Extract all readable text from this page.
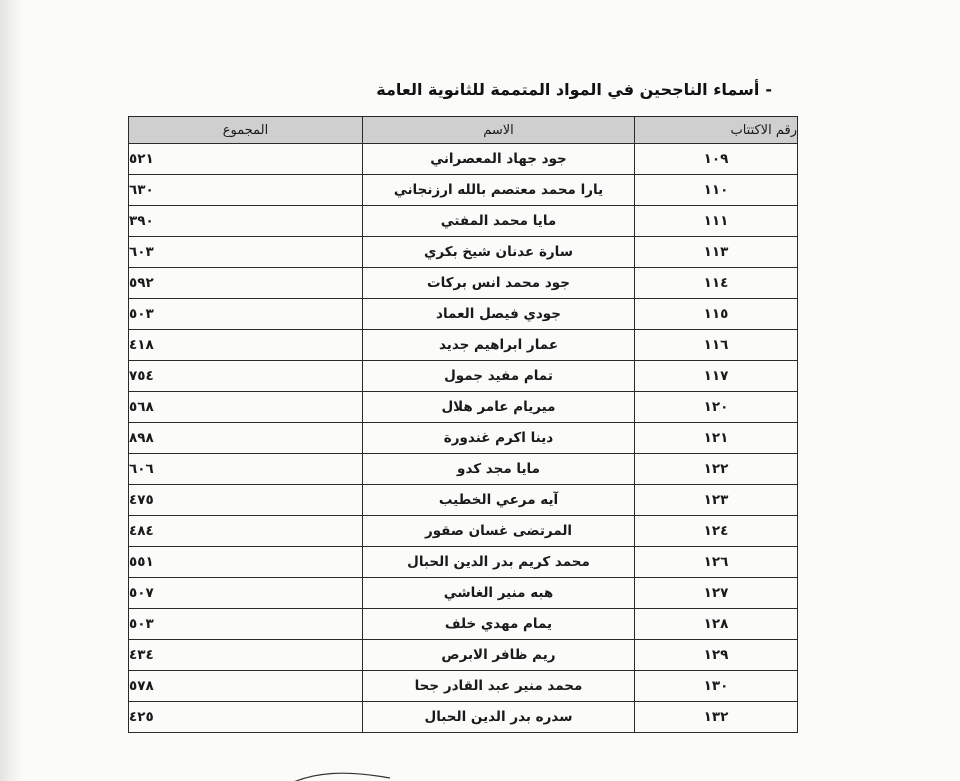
-أسماء الناجحين في المواد المتممة للثانوية العامة
رقم الاكتتاب	الاسم	المجموع
١٠٩	جود جهاد المعصراني	٥٢١
١١٠	يارا محمد معتصم بالله ارزنجاني	٦٣٠
١١١	مايا محمد المفتي	٣٩٠
١١٣	سارة عدنان شيخ بكري	٦٠٣
١١٤	جود محمد انس بركات	٥٩٢
١١٥	جودي فيصل العماد	٥٠٣
١١٦	عمار ابراهيم جديد	٤١٨
١١٧	تمام مفيد جمول	٧٥٤
١٢٠	ميريام عامر هلال	٥٦٨
١٢١	دينا اكرم غندورة	٨٩٨
١٢٢	مايا مجد كدو	٦٠٦
١٢٣	آيه مرعي الخطيب	٤٧٥
١٢٤	المرتضى غسان صقور	٤٨٤
١٢٦	محمد كريم بدر الدين الحبال	٥٥١
١٢٧	هبه منير الغاشي	٥٠٧
١٢٨	يمام مهدي خلف	٥٠٣
١٢٩	ريم ظافر الابرص	٤٣٤
١٣٠	محمد منير عبد القادر جحا	٥٧٨
١٣٢	سدره بدر الدين الحبال	٤٢٥
